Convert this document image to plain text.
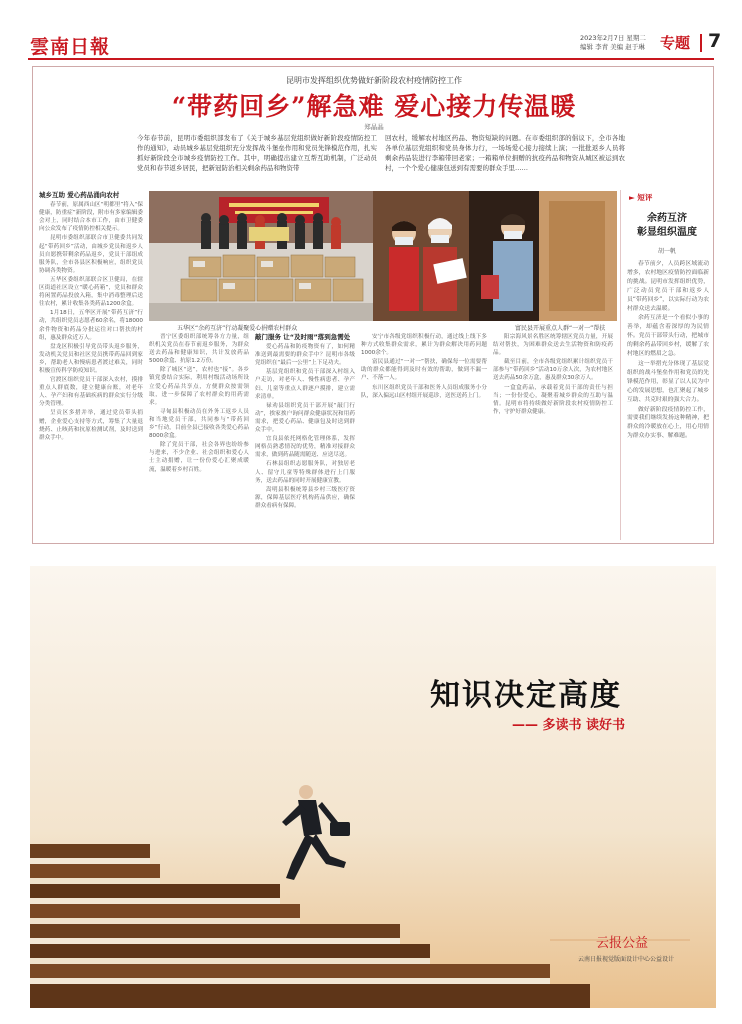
雲南日報	2023年2月7日 星期二
编辑 李青 美编 赵于琳	专题 7
昆明市发挥组织优势做好新阶段农村疫情防控工作
“带药回乡”解急难 爱心接力传温暖
郑晶晶
今年春节前，昆明市委组织部发布了《关于城乡基层党组织做好新阶段疫情防控工作的通知》，动员城乡基层党组织充分发挥战斗堡垒作用和党员先锋模范作用，扎实抓好新阶段全市城乡疫情防控工作。其中，明确提出建立互帮互助机制，广泛动员党员和春节返乡居民，把新冠防治相关剩余药品和物资带
回农村，缓解农村地区药品、物资短缺的问题。在市委组织部的倡议下，全市各地各单位基层党组织和党员身体力行，一场场爱心接力接续上演；一批批返乡人员将剩余药品装进行李箱带回老家；一箱箱单位捐赠的抗疫药品和物资从城区被运到农村，一个个爱心健康包送到有需要的群众手里……
城乡互助 爱心药品涌向农村

春节前，原属西山区“明都里”将入“保健康，防重症”新阶段，附市有多家编辑委会对上，同时结合本市工作，由市卫健委向公众发布了疫情防控相关提示。

昆明市委组织部联合市卫健委共同发起“带药回乡”活动，由城乡党员和返乡人员自愿携带剩余药品返乡，党员干部组成服务队，全市各县区积极响应，组织党员协调各类物资。

五华区委组织部联合区卫健局，在辖区街道社区设立“暖心药箱”，党员和群众将闲置药品投放入箱，集中消毒整理后送往农村，累计收集各类药品1200余盒。

1月18日，五华区开展“带药互济”行动，共组织党员志愿者60余名，将18000余件物资和药品分批运往对口帮扶的村组，惠及群众近万人。

盘龙区积极引导党员带头返乡服务，发动机关党员和社区党员携带药品回到家乡，帮助老人和慢病患者渡过难关，同时积极宣传科学防疫知识。

官渡区组织党员干部深入农村，摸排重点人群底数，建立健康台账，对老年人、孕产妇和有基础疾病的群众实行分级分类管理。

呈贡区多措并举，通过党员带头捐赠，企业爱心支持等方式，筹集了大量退烧药、止咳药和抗原检测试剂，及时送到群众手中。

五华区“余药互济”行动凝聚爱心捐赠农村群众	富民县开展重点人群“一对一”帮扶

晋宁区委组织部统筹各方力量，组织机关党员在春节前返乡服务，为群众送去药品和健康知识，共计发放药品5000余盒、抗原1.2万份。

除了城区“送”，农村也“接”。各乡镇党委结合实际，利用村级活动场所设立爱心药品共享点，方便群众按需领取，进一步保障了农村群众的用药需求。

寻甸县积极动员在外务工返乡人员和当地党员干部，共同参与“带药回乡”行动，目前全县已接收各类爱心药品8000余盒。

除了党员干部，社会各界也纷纷参与进来，不少企业、社会组织和爱心人士主动捐赠，让一份份爱心汇聚成暖流，温暖着乡村百姓。

敲门服务 让“及时雨”落到急需处

爱心药品和防疫物资有了，如何精准送到最需要的群众手中？昆明市各级党组织在“最后一公里”上下足功夫。

基层党组织和党员干部深入村组入户走访，对老年人、慢性病患者、孕产妇、儿童等重点人群逐户摸排，建立需求清单。

禄劝县组织党员干部开展“敲门行动”，挨家挨户询问群众健康状况和用药需求，把爱心药品、健康包及时送到群众手中。

宜良县依托网格化管理体系，发挥网格员熟悉情况的优势，精准对接群众需求，做到药品随需随送、应送尽送。

石林县组织志愿服务队，对独居老人、留守儿童等特殊群体进行上门服务，送去药品的同时开展健康宣教。

嵩明县积极统筹县乡村三级医疗资源，保障基层医疗机构药品供应，确保群众看病有保障。

安宁市各级党组织积极行动，通过线上线下多种方式收集群众需求，累计为群众解决用药问题1000余个。

富民县通过“一对一”帮扶，确保每一位需要帮助的群众都能得到及时有效的帮助，做到不漏一户、不落一人。

东川区组织党员干部和医务人员组成服务小分队，深入偏远山区村组开展巡诊，送医送药上门。

阳宗海风景名胜区统筹辖区党员力量，开展结对帮扶，为困难群众送去生活物资和防疫药品。

截至目前，全市各级党组织累计组织党员干部参与“带药回乡”活动10万余人次，为农村地区送去药品50余万盒，惠及群众30余万人。

一盒盒药品，承载着党员干部的责任与担当；一份份爱心，凝聚着城乡群众的互助与温情。昆明市将持续做好新阶段农村疫情防控工作，守护好群众健康。

► 短评
余药互济
彰显组织温度
胡一帆

春节前夕，人员跨区域流动增多，农村地区疫情防控面临新的挑战。昆明市发挥组织优势，广泛动员党员干部和返乡人员“带药回乡”，以实际行动为农村群众送去温暖。

余药互济是一个看似小事的善举，却蕴含着深厚的为民情怀。党员干部带头行动，把城市的剩余药品带回乡村，缓解了农村地区的燃眉之急。

这一举措充分体现了基层党组织的战斗堡垒作用和党员的先锋模范作用，彰显了以人民为中心的发展思想，也汇聚起了城乡互助、共克时艰的强大合力。

做好新阶段疫情防控工作，需要我们继续发扬这种精神，把群众的冷暖放在心上，用心用情为群众办实事、解难题。

知识决定高度
—— 多读书 读好书
云报公益
云南日报视觉版面设计中心公益设计
